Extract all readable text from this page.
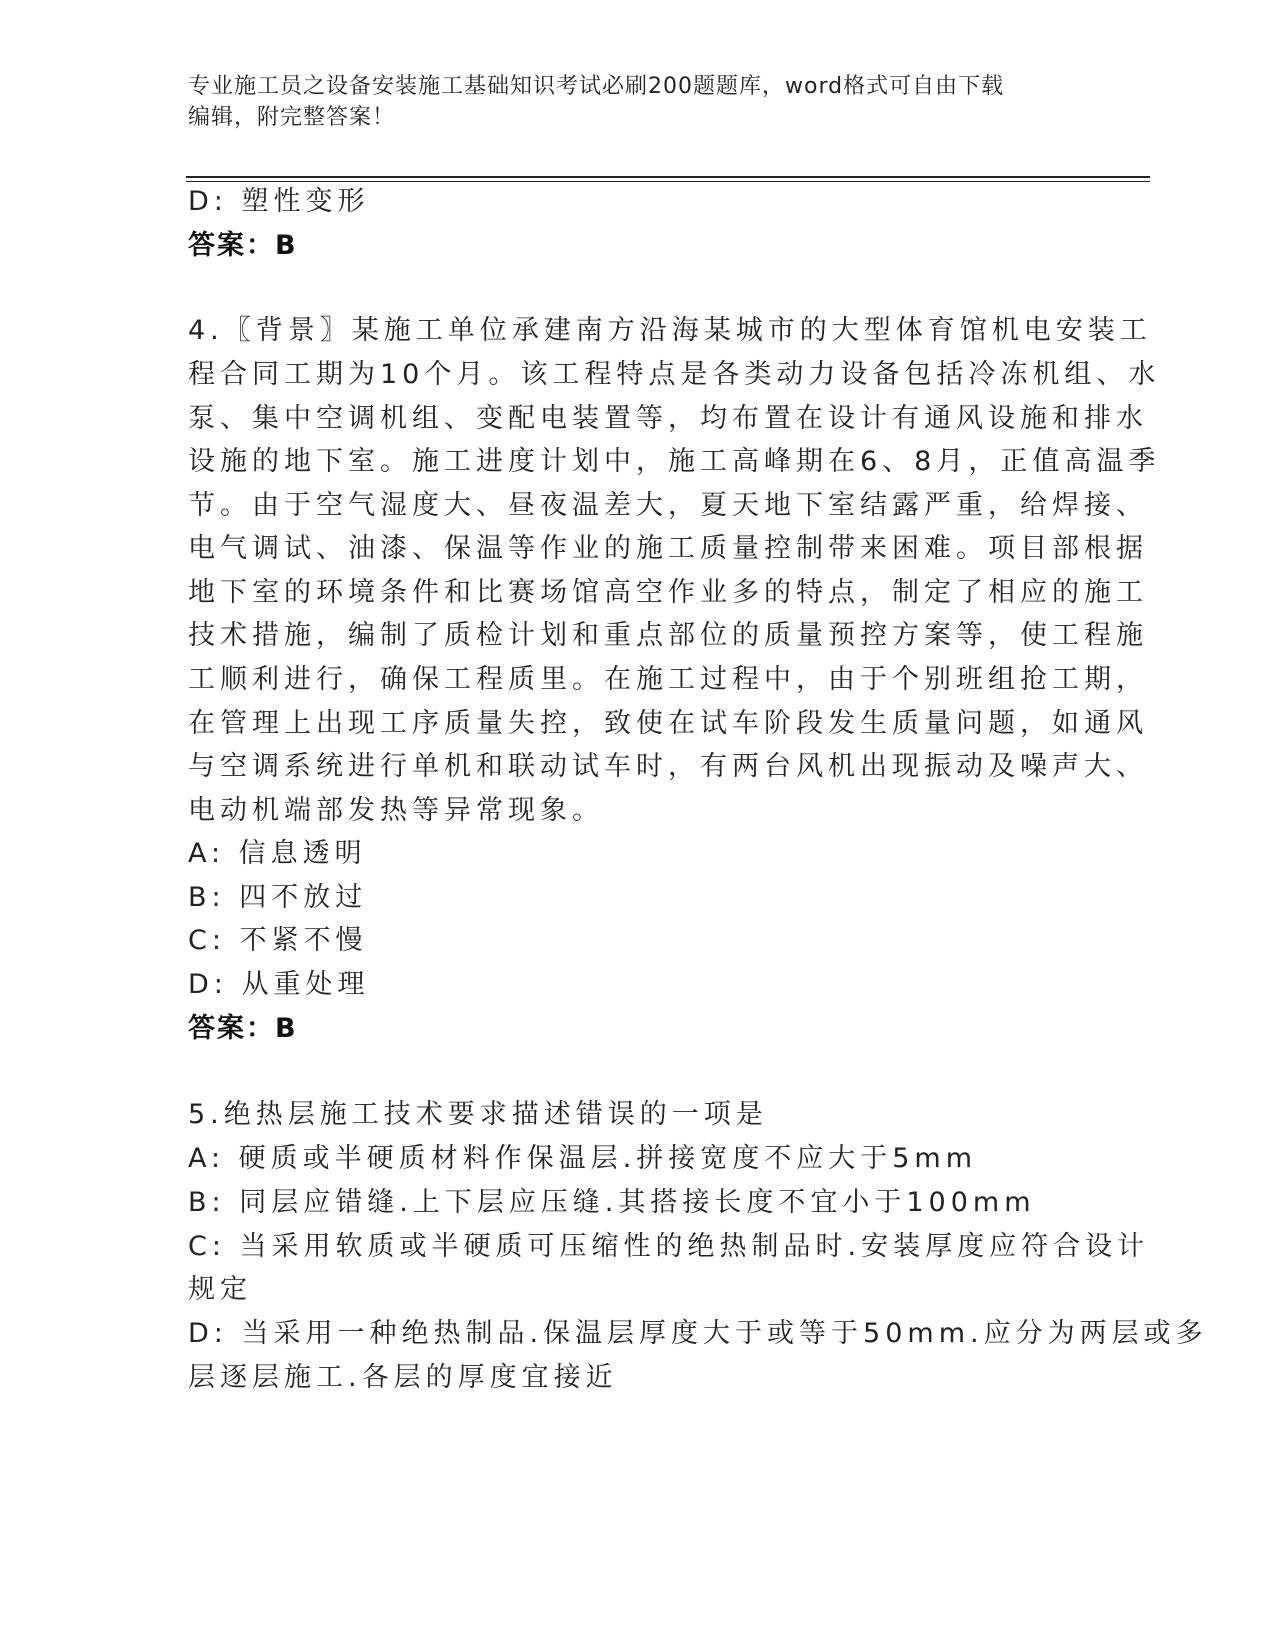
专业施工员之设备安装施工基础知识考试必刷200题题库，word格式可自由下载
编辑，附完整答案！
D: 塑性变形
答案：B
4.〖背景〗某施工单位承建南方沿海某城市的大型体育馆机电安装工
程合同工期为10个月。该工程特点是各类动力设备包括冷冻机组、水
泵、集中空调机组、变配电装置等，均布置在设计有通风设施和排水
设施的地下室。施工进度计划中，施工高峰期在6、8月，正值高温季
节。由于空气湿度大、昼夜温差大，夏天地下室结露严重，给焊接、
电气调试、油漆、保温等作业的施工质量控制带来困难。项目部根据
地下室的环境条件和比赛场馆高空作业多的特点，制定了相应的施工
技术措施，编制了质检计划和重点部位的质量预控方案等，使工程施
工顺利进行，确保工程质里。在施工过程中，由于个别班组抢工期，
在管理上出现工序质量失控，致使在试车阶段发生质量问题，如通风
与空调系统进行单机和联动试车时，有两台风机出现振动及噪声大、
电动机端部发热等异常现象。
A: 信息透明
B: 四不放过
C: 不紧不慢
D: 从重处理
答案：B
5.绝热层施工技术要求描述错误的一项是
A: 硬质或半硬质材料作保温层.拼接宽度不应大于5mm
B: 同层应错缝.上下层应压缝.其搭接长度不宜小于100mm
C: 当采用软质或半硬质可压缩性的绝热制品时.安装厚度应符合设计
规定
D: 当采用一种绝热制品.保温层厚度大于或等于50mm.应分为两层或多
层逐层施工.各层的厚度宜接近
